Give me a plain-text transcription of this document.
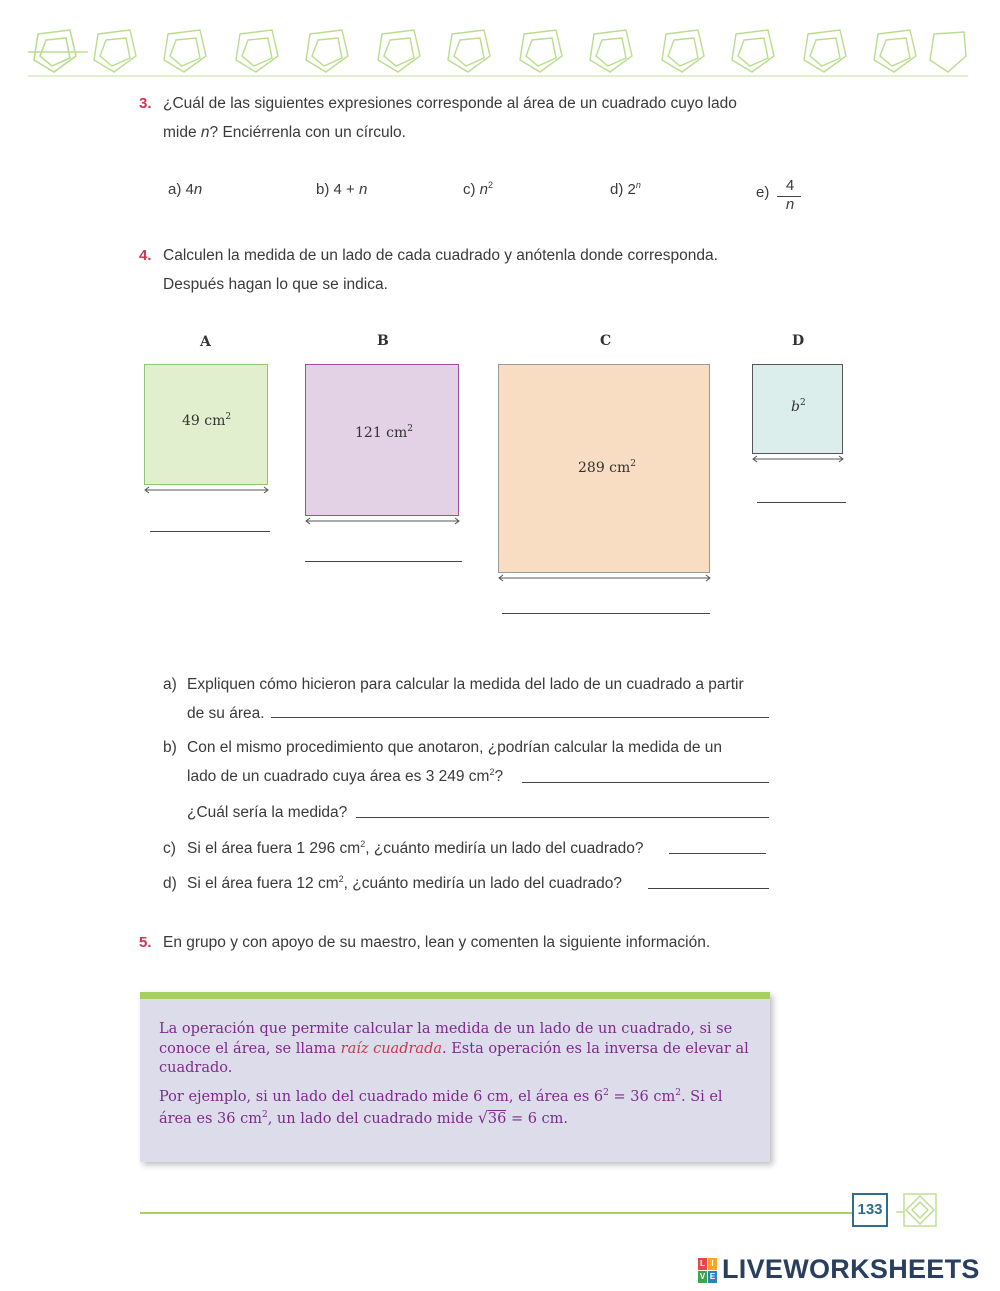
3. ¿Cuál de las siguientes expresiones corresponde al área de un cuadrado cuyo lado
mide n? Enciérrenla con un círculo.
a) 4n	b) 4 + n	c) $n^2$	d) 2$^n$	e)	4
n
4. Calculen la medida de un lado de cada cuadrado y anótenla donde corresponda.
Después hagan lo que se indica.
A
49 $cm^2$
B
121 $cm^2$
C
289 $cm^2$
D
$b^2$
a) Expliquen cómo hicieron para calcular la medida del lado de un cuadrado a partir
de su área.
b) Con el mismo procedimiento que anotaron, ¿podrían calcular la medida de un
lado de un cuadrado cuya área es 3 249 $cm^2$?
¿Cuál sería la medida?
c) Si el área fuera 1 296 $cm^2$, ¿cuánto mediría un lado del cuadrado?
d) Si el área fuera 12 $cm^2$, ¿cuánto mediría un lado del cuadrado?
5. En grupo y con apoyo de su maestro, lean y comenten la siguiente información.
La operación que permite calcular la medida de un lado de un cuadrado, si se conoce el área, se llama raíz cuadrada. Esta operación es la inversa de elevar al cuadrado.
Por ejemplo, si un lado del cuadrado mide 6 cm, el área es $6^2 = 36$ $cm^2$. Si el área es 36 $cm^2$, un lado del cuadrado mide √36 = 6 cm.
133
L I
V E LIVEWORKSHEETS
